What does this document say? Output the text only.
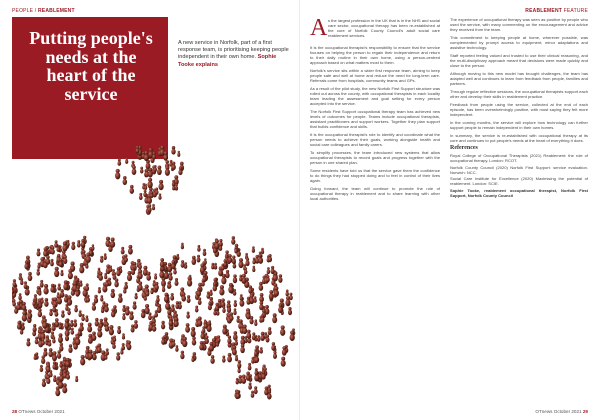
PEOPLE / REABLEMENT
Putting people's needs at the heart of the service
A new service in Norfolk, part of a first response team, is prioritising keeping people independent in their own home. Sophie Tooke explains
28 OTnews October 2021
REABLEMENT FEATURE
OTnews October 2021 29
A s the largest profession in the UK that is in the NHS and social care sector, occupational therapy has been re-established at the core of Norfolk County Council's adult social care reablement services.

It is the occupational therapist's responsibility to ensure that the service focuses on helping the person to regain their independence and return to their daily routine in their own home, using a person-centred approach based on what matters most to them.

Norfolk's service sits within a wider first response team, aiming to keep people safe and well at home and reduce the need for long-term care. Referrals come from hospitals, community teams and GPs.

As a result of the pilot study, the new Norfolk First Support structure was rolled out across the county, with occupational therapists in each locality team leading the assessment and goal setting for every person accepted into the service.

The Norfolk First Support occupational therapy team has achieved new levels of outcomes for people. Teams include occupational therapists, assistant practitioners and support workers. Together they plan support that builds confidence and skills.

It is the occupational therapist's role to identify and coordinate what the person needs to achieve their goals, working alongside health and social care colleagues and family carers.

To simplify processes, the team introduced new systems that allow occupational therapists to record goals and progress together with the person in one shared plan.

Some residents have told us that the service gave them the confidence to do things they had stopped doing and to feel in control of their lives again.

Going forward, the team will continue to promote the role of occupational therapy in reablement and to share learning with other local authorities.

The experience of occupational therapy was seen as positive by people who used the service, with many commenting on the encouragement and advice they received from the team.

This commitment to keeping people at home, wherever possible, was complemented by prompt access to equipment, minor adaptations and assistive technology.

Staff reported feeling valued and trusted to use their clinical reasoning, and the multi-disciplinary approach meant that decisions were made quickly and close to the person.

Although moving to this new model has brought challenges, the team has adapted well and continues to learn from feedback from people, families and partners.

Through regular reflective sessions, the occupational therapists support each other and develop their skills in reablement practice.

Feedback from people using the service, collected at the end of each episode, has been overwhelmingly positive, with most saying they felt more independent.

In the coming months, the service will explore how technology can further support people to remain independent in their own homes.

In summary, the service is re-established with occupational therapy at its core and continues to put people's needs at the heart of everything it does.

References

Royal College of Occupational Therapists (2021) Reablement: the role of occupational therapy. London: RCOT.

Norfolk County Council (2020) Norfolk First Support: service evaluation. Norwich: NCC.

Social Care Institute for Excellence (2020) Maximising the potential of reablement. London: SCIE.

Sophie Tooke, reablement occupational therapist, Norfolk First Support, Norfolk County Council
